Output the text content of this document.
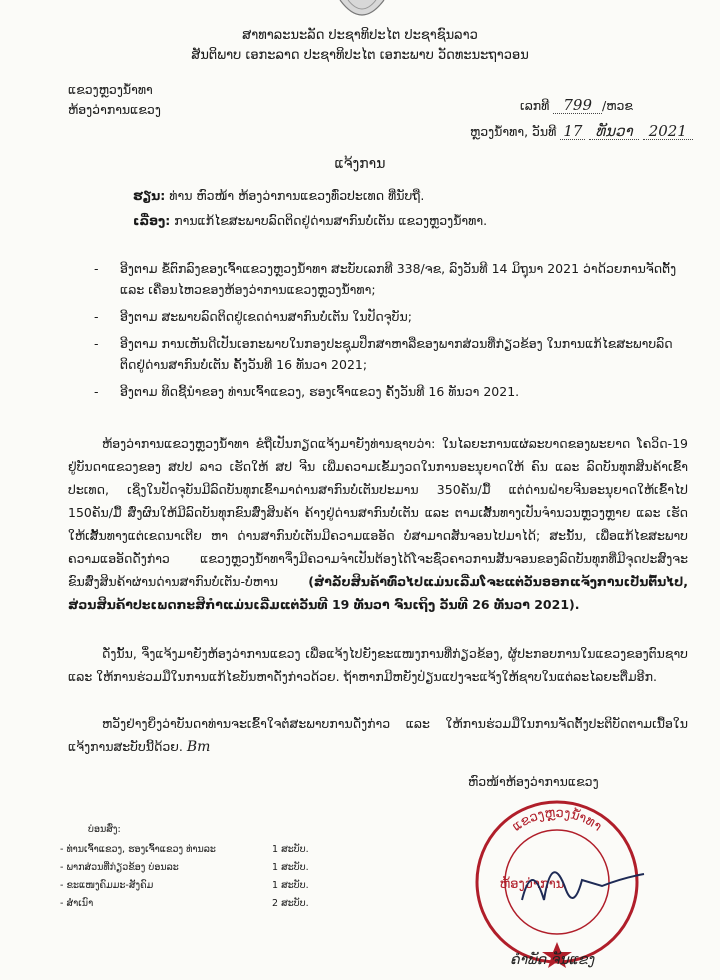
ສາທາລະນະລັດ ປະຊາທິປະໄຕ ປະຊາຊົນລາວ
ສັນຕິພາບ ເອກະລາດ ປະຊາທິປະໄຕ ເອກະພາບ ວັດທະນະຖາວອນ
ແຂວງຫຼວງນ້ຳທາ
ຫ້ອງວ່າການແຂວງ	ເລກທີ 799 /ຫວຂ
ຫຼວງນ້ຳທາ, ວັນທີ 17 ທັນວາ 2021
ແຈ້ງການ
ຮຽນ: ທ່ານ ຫົວໜ້າ ຫ້ອງວ່າການແຂວງທົ່ວປະເທດ ທີ່ນັບຖື.
ເລື່ອງ: ການແກ້ໄຂສະພາບລົດຕິດຢູ່ດ່ານສາກົນບໍ່ເຕັນ ແຂວງຫຼວງນ້ຳທາ.
- ອີງຕາມ ຂໍ້ຕົກລົງຂອງເຈົ້າແຂວງຫຼວງນ້ຳທາ ສະບັບເລກທີ 338/ຈຂ, ລົງວັນທີ 14 ມິຖຸນາ 2021 ວ່າດ້ວຍການຈັດຕັ້ງ ແລະ ເຄື່ອນໄຫວຂອງຫ້ອງວ່າການແຂວງຫຼວງນ້ຳທາ;
- ອີງຕາມ ສະພາບລົດຕິດຢູ່ເຂດດ່ານສາກົນບໍ່ເຕັນ ໃນປັດຈຸບັນ;
- ອີງຕາມ ການເຫັນດີເປັນເອກະພາບໃນກອງປະຊຸມປຶກສາຫາລືຂອງພາກສ່ວນທີ່ກ່ຽວຂ້ອງ ໃນການແກ້ໄຂສະພາບລົດຕິດຢູ່ດ່ານສາກົນບໍ່ເຕັນ ຄັ້ງວັນທີ 16 ທັນວາ 2021;
- ອີງຕາມ ທິດຊີ້ນຳຂອງ ທ່ານເຈົ້າແຂວງ, ຮອງເຈົ້າແຂວງ ຄັ້ງວັນທີ 16 ທັນວາ 2021.
ຫ້ອງວ່າການແຂວງຫຼວງນ້ຳທາ ຂໍຖືເປັນກຽດແຈ້ງມາຍັງທ່ານຊາບວ່າ: ໃນໄລຍະການແຜ່ລະບາດຂອງພະຍາດ ໂຄວິດ-19 ຢູ່ບັນດາແຂວງຂອງ ສປປ ລາວ ເຮັດໃຫ້ ສປ ຈີນ ເພີ່ມຄວາມເຂັ້ມງວດໃນການອະນຸຍາດໃຫ້ ຄົນ ແລະ ລົດບັນທຸກສິນຄ້າເຂົ້າປະເທດ, ເຊິ່ງໃນປັດຈຸບັນມີລົດບັນທຸກເຂົ້າມາດ່ານສາກົນບໍ່ເຕັນປະມານ 350ຄັນ/ມື້ ແຕ່ດ່ານຝ່າຍຈີນອະນຸຍາດໃຫ້ເຂົ້າໄປ 150ຄັນ/ມື້ ສົ່ງຜົນໃຫ້ມີລົດບັນທຸກຂົນສົ່ງສິນຄ້າ ຄ້າງຢູ່ດ່ານສາກົນບໍ່ເຕັນ ແລະ ຕາມເສັ້ນທາງເປັນຈຳນວນຫຼວງຫຼາຍ ແລະ ເຮັດໃຫ້ເສັ້ນທາງແຕ່ເຂດນາເຕີຍ ຫາ ດ່ານສາກົນບໍ່ເຕັນມີຄວາມແອອັດ ບໍ່ສາມາດສັນຈອນໄປມາໄດ້; ສະນັ້ນ, ເພື່ອແກ້ໄຂສະພາບຄວາມແອອັດດັ່ງກ່າວ ແຂວງຫຼວງນ້ຳທາຈຶ່ງມີຄວາມຈຳເປັນຕ້ອງໄດ້ໂຈະຊົ່ວຄາວການສັນຈອນຂອງລົດບັນທຸກທີ່ມີຈຸດປະສົງຈະຂົນສົ່ງສິນຄ້າຜ່ານດ່ານສາກົນບໍ່ເຕັນ-ບໍ່ຫານ (ສຳລັບສິນຄ້າທົ່ວໄປແມ່ນເລີ່ມໂຈະແຕ່ວັນອອກແຈ້ງການເປັນຕົ້ນໄປ, ສ່ວນສິນຄ້າປະເພດກະສິກຳແມ່ນເລີ່ມແຕ່ວັນທີ 19 ທັນວາ ຈົນເຖິງ ວັນທີ 26 ທັນວາ 2021).
ດັ່ງນັ້ນ, ຈຶ່ງແຈ້ງມາຍັງຫ້ອງວ່າການແຂວງ ເພື່ອແຈ້ງໄປຍັງຂະແໜງການທີ່ກ່ຽວຂ້ອງ, ຜູ້ປະກອບການໃນແຂວງຂອງຕົນຊາບ ແລະ ໃຫ້ການຮ່ວມມືໃນການແກ້ໄຂບັນຫາດັ່ງກ່າວດ້ວຍ. ຖ້າຫາກມີຫຍັງປ່ຽນແປງຈະແຈ້ງໃຫ້ຊາບໃນແຕ່ລະໄລຍະຕື່ມອີກ.
ຫວັງຢ່າງຍິ່ງວ່າບັນດາທ່ານຈະເຂົ້າໃຈຕໍ່ສະພາບການດັ່ງກ່າວ ແລະ ໃຫ້ການຮ່ວມມືໃນການຈັດຕັ້ງປະຕິບັດຕາມເນື້ອໃນແຈ້ງການສະບັບນີ້ດ້ວຍ. Bm
ຫົວໜ້າຫ້ອງວ່າການແຂວງ
ບ່ອນສົ່ງ:
- ທ່ານເຈົ້າແຂວງ, ຮອງເຈົ້າແຂວງ ທ່ານລະ	1 ສະບັບ.
- ພາກສ່ວນທີ່ກ່ຽວຂ້ອງ ບ່ອນລະ	1 ສະບັບ.
- ຂະແໜງຄົມມະ-ສັງຄົມ	1 ສະບັບ.
- ສຳເນົາ	2 ສະບັບ.
ແຂວງຫຼວງນ້ຳທາ
ຫ້ອງວ່າການ
ຄຳພັດ ຈັນແຂງ
